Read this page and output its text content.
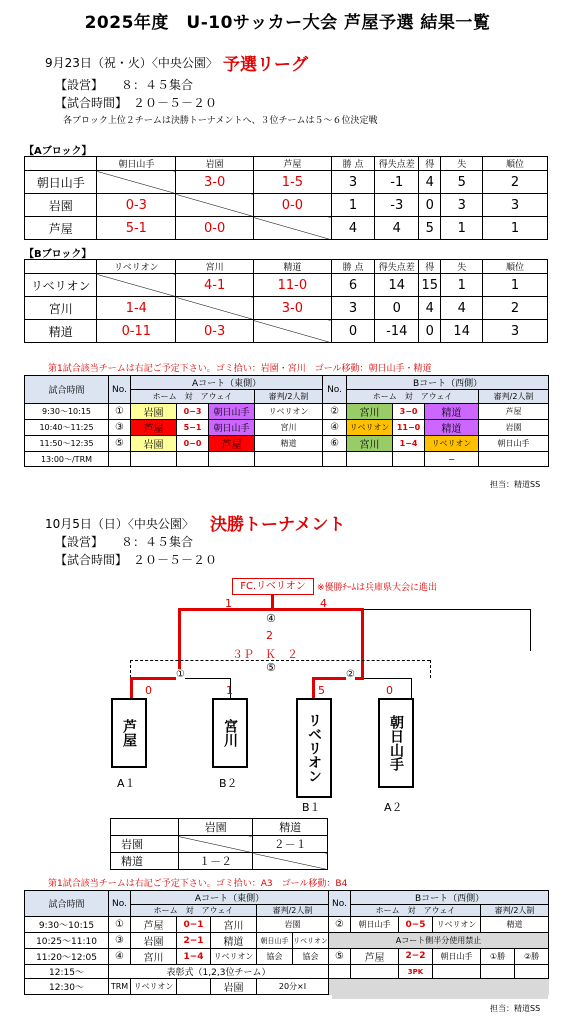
2025年度　U-10サッカー大会 芦屋予選 結果一覧
9月23日（祝・火）〈中央公園〉 予選リーグ
【設営】　　８：４５集合
【試合時間】　２０－５－２０
各ブロック上位２チームは決勝トーナメントへ、３位チームは５～６位決定戦
【Aブロック】
	朝日山手	岩園	芦屋	勝 点	得失点差	得	失	順位
朝日山手		3-0	1-5	3	-1	4	5	2
岩園	0-3		0-0	1	-3	0	3	3
芦屋	5-1	0-0		4	4	5	1	1
【Bブロック】
	リベリオン	宮川	精道	勝 点	得失点差	得	失	順位
リベリオン		4-1	11-0	6	14	15	1	1
宮川	1-4		3-0	3	0	4	4	2
精道	0-11	0-3		0	-14	0	14	3
第1試合該当チームは右記ご予定下さい。ゴミ拾い：岩園・宮川　ゴール移動：朝日山手・精道
試合時間	No.	Aコート（東側）				No.	Bコート（西側）			
		ホーム　対　アウェイ			審判/2人制		ホーム　対　アウェイ			審判/2人制
9:30～10:15	①	岩園	0−3	朝日山手	リベリオン	②	宮川	3−0	精道	芦屋
10:40～11:25	③	芦屋	5−1	朝日山手	宮川	④	リベリオン	11−0	精道	岩園
11:50～12:35	⑤	岩園	0−0	芦屋	精道	⑥	宮川	1−4	リベリオン	朝日山手
13:00～/TRM									−	
担当：精道SS
10月5日（日）〈中央公園〉 決勝トーナメント
【設営】　　８：４５集合
【試合時間】　２０－５－２０
FC.リベリオン	※優勝ﾁｰﾑは兵庫県大会に進出
1	4
④
2
３Ｐ　Ｋ　２
⑤
①
0	1
②
5	0
芦屋	宮川	リベリオン	朝日山手
A１	B２
B１	A２
	岩園	精道
岩園		２－１
精道	１－２	
第1試合該当チームは右記ご予定下さい。ゴミ拾い：A3　ゴール移動：B4
試合時間	No.	Aコート（東側）					No.	Bコート（西側）				
		ホーム　対　アウェイ			審判/2人制			ホーム　対　アウェイ			審判/2人制	
9:30～10:15	①	芦屋	0−1	宮川	岩園		②	朝日山手	0−5	リベリオン	精道	
10:25～11:10	③	岩園	2−1	精道	朝日山手	リベリオン	Aコート側半分使用禁止					
11:20～12:05	④	宮川	1−4	リベリオン	協会	協会	⑤	芦屋	2−2	朝日山手	①勝	②勝
12:15～	表彰式（1,2,3位チーム）								3PK			
12:30～	TRM	リベリオン		岩園	20分×Ⅰ							
担当：精道SS
